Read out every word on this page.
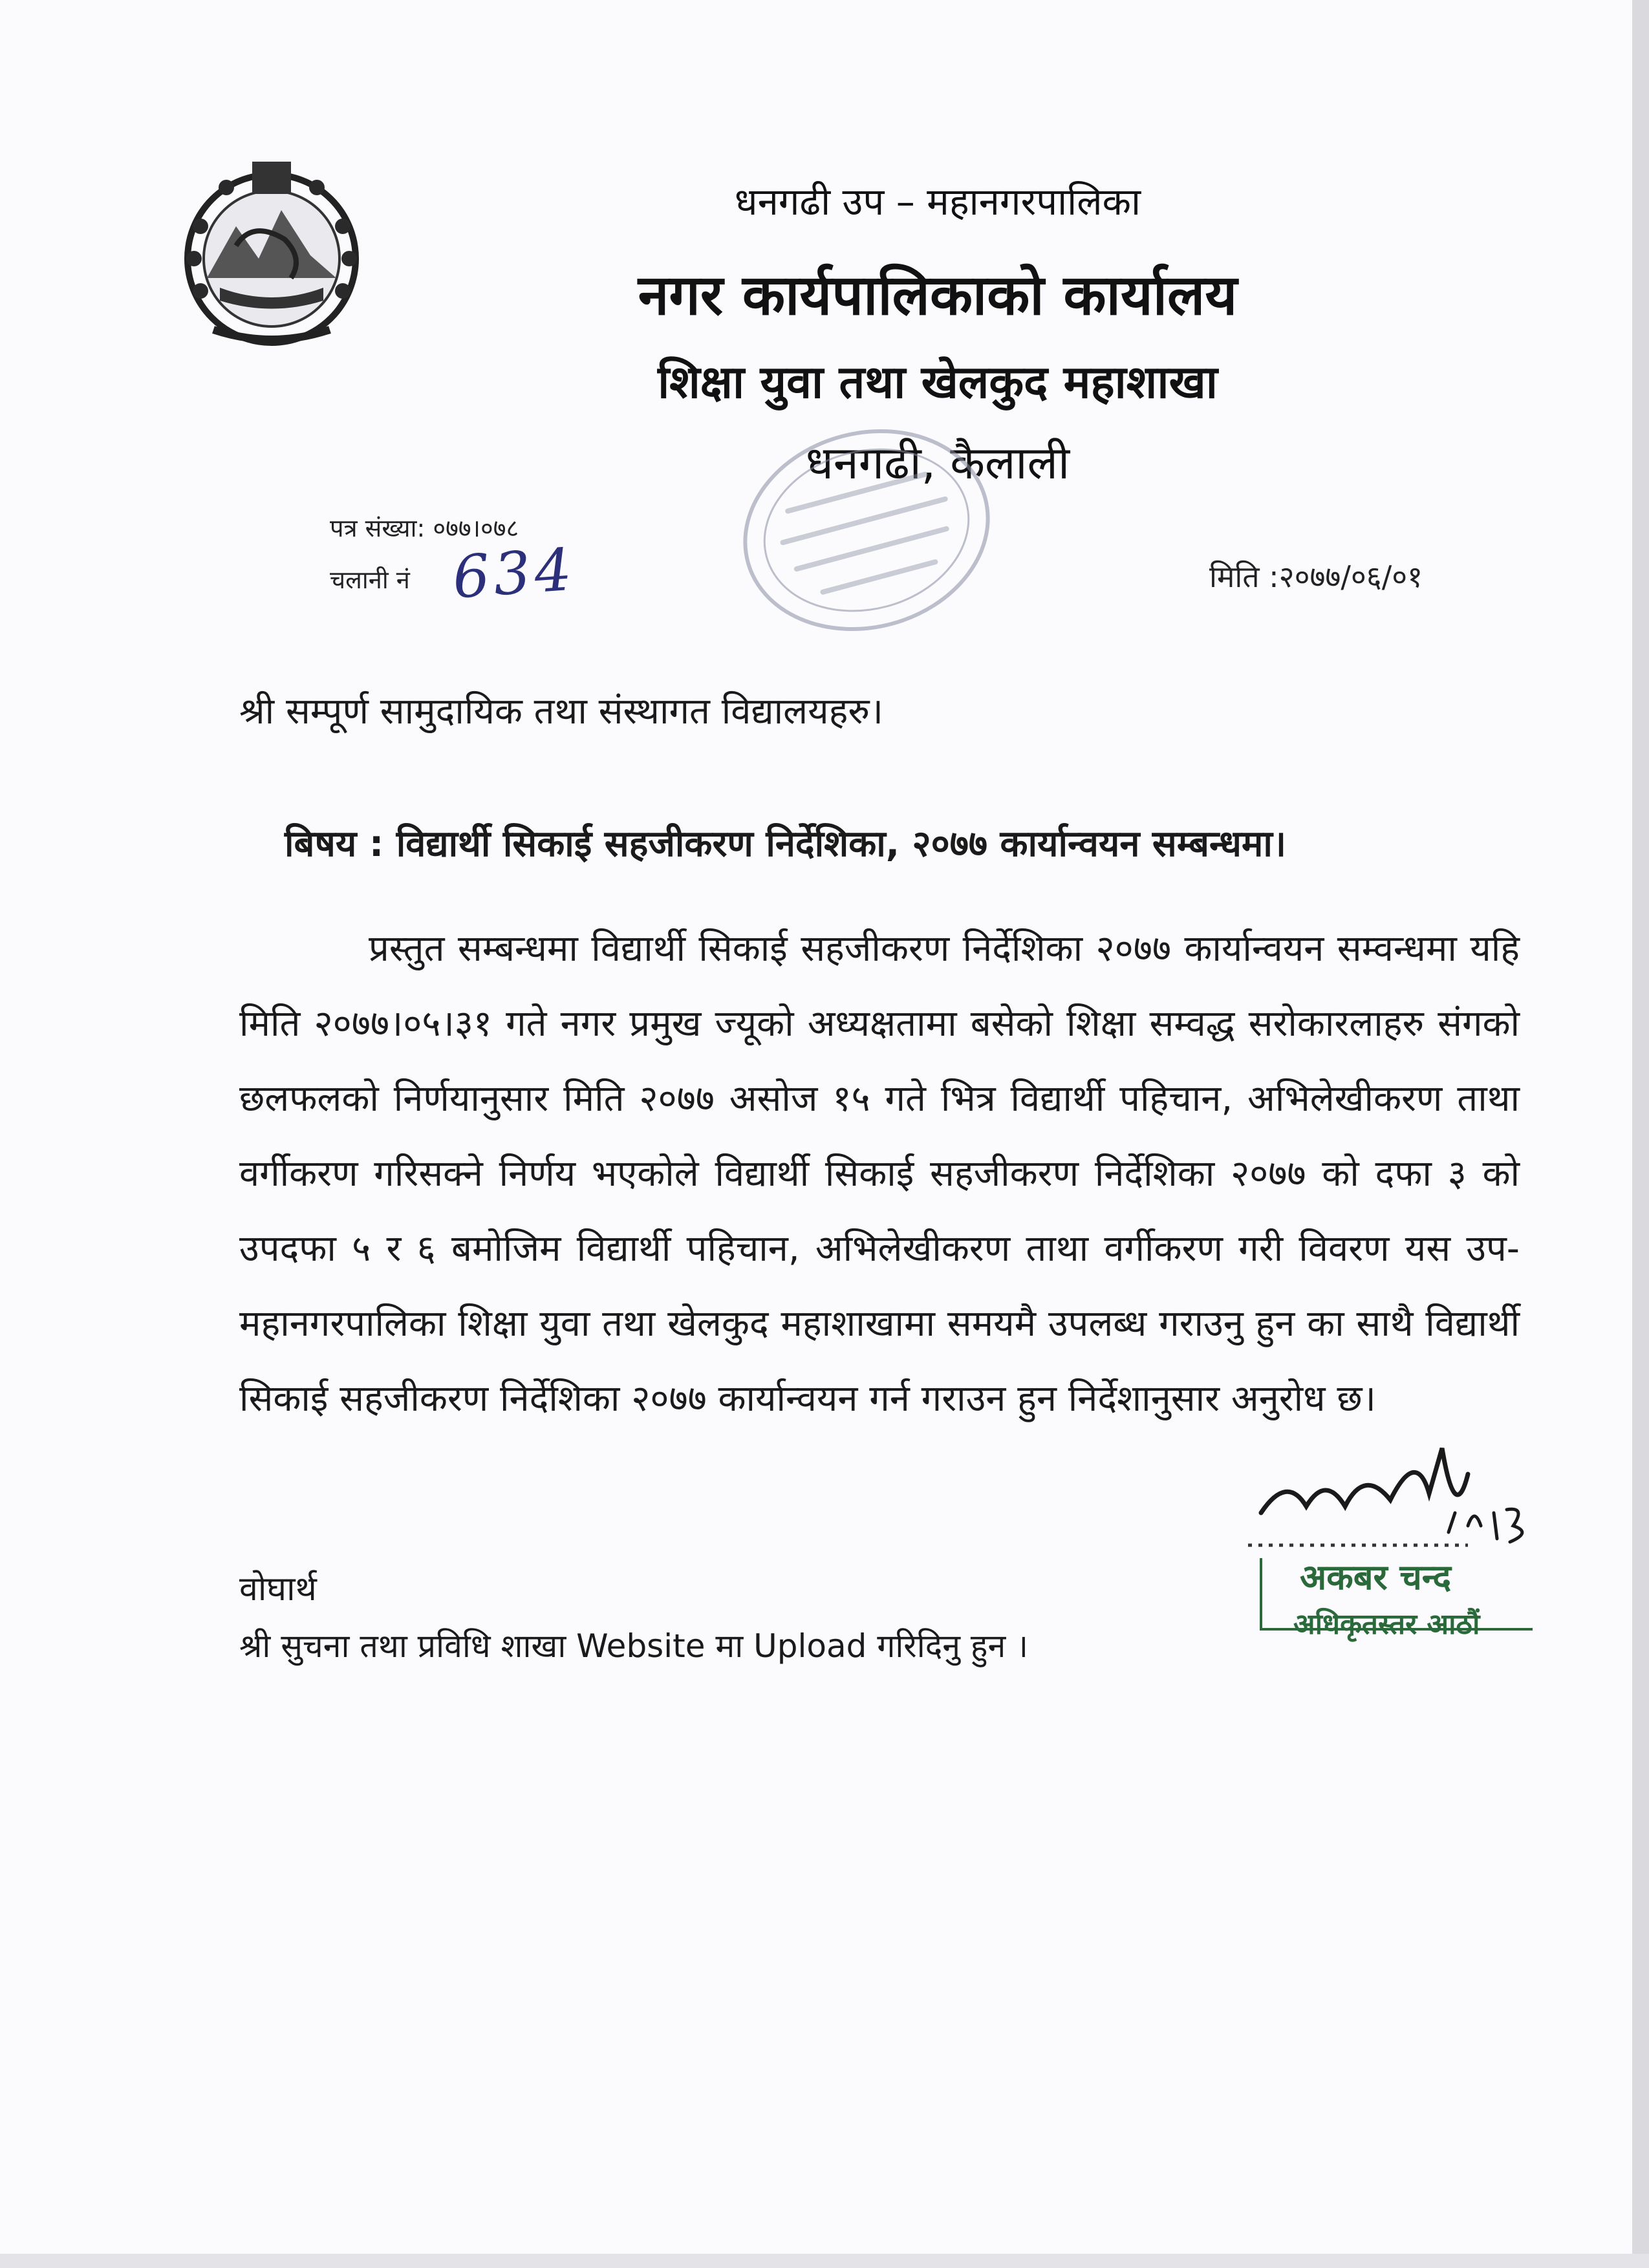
धनगढी उप – महानगरपालिका
नगर कार्यपालिकाको कार्यालय
शिक्षा युवा तथा खेलकुद महाशाखा
धनगढी, कैलाली
पत्र संख्या: ०७७।०७८
चलानी नं 634	मिति :२०७७/०६/०१
श्री सम्पूर्ण सामुदायिक तथा संस्थागत विद्यालयहरु।
बिषय : विद्यार्थी सिकाई सहजीकरण निर्देशिका, २०७७ कार्यान्वयन सम्बन्धमा।
प्रस्तुत सम्बन्धमा विद्यार्थी सिकाई सहजीकरण निर्देशिका २०७७ कार्यान्वयन सम्वन्धमा यहि मिति २०७७।०५।३१ गते नगर प्रमुख ज्यूको अध्यक्षतामा बसेको शिक्षा सम्वद्ध सरोकारलाहरु संगको छलफलको निर्णयानुसार मिति २०७७ असोज १५ गते भित्र विद्यार्थी पहिचान, अभिलेखीकरण ताथा वर्गीकरण गरिसक्ने निर्णय भएकोले विद्यार्थी सिकाई सहजीकरण निर्देशिका २०७७ को दफा ३ को उपदफा ५ र ६ बमोजिम विद्यार्थी पहिचान, अभिलेखीकरण ताथा वर्गीकरण गरी विवरण यस उप-महानगरपालिका शिक्षा युवा तथा खेलकुद महाशाखामा समयमै उपलब्ध गराउनु हुन का साथै विद्यार्थी सिकाई सहजीकरण निर्देशिका २०७७ कार्यान्वयन गर्न गराउन हुन निर्देशानुसार अनुरोध छ।
अकबर चन्द
अधिकृतस्तर आठौं
वोघार्थ
श्री सुचना तथा प्रविधि शाखा Website मा Upload गरिदिनु हुन ।
